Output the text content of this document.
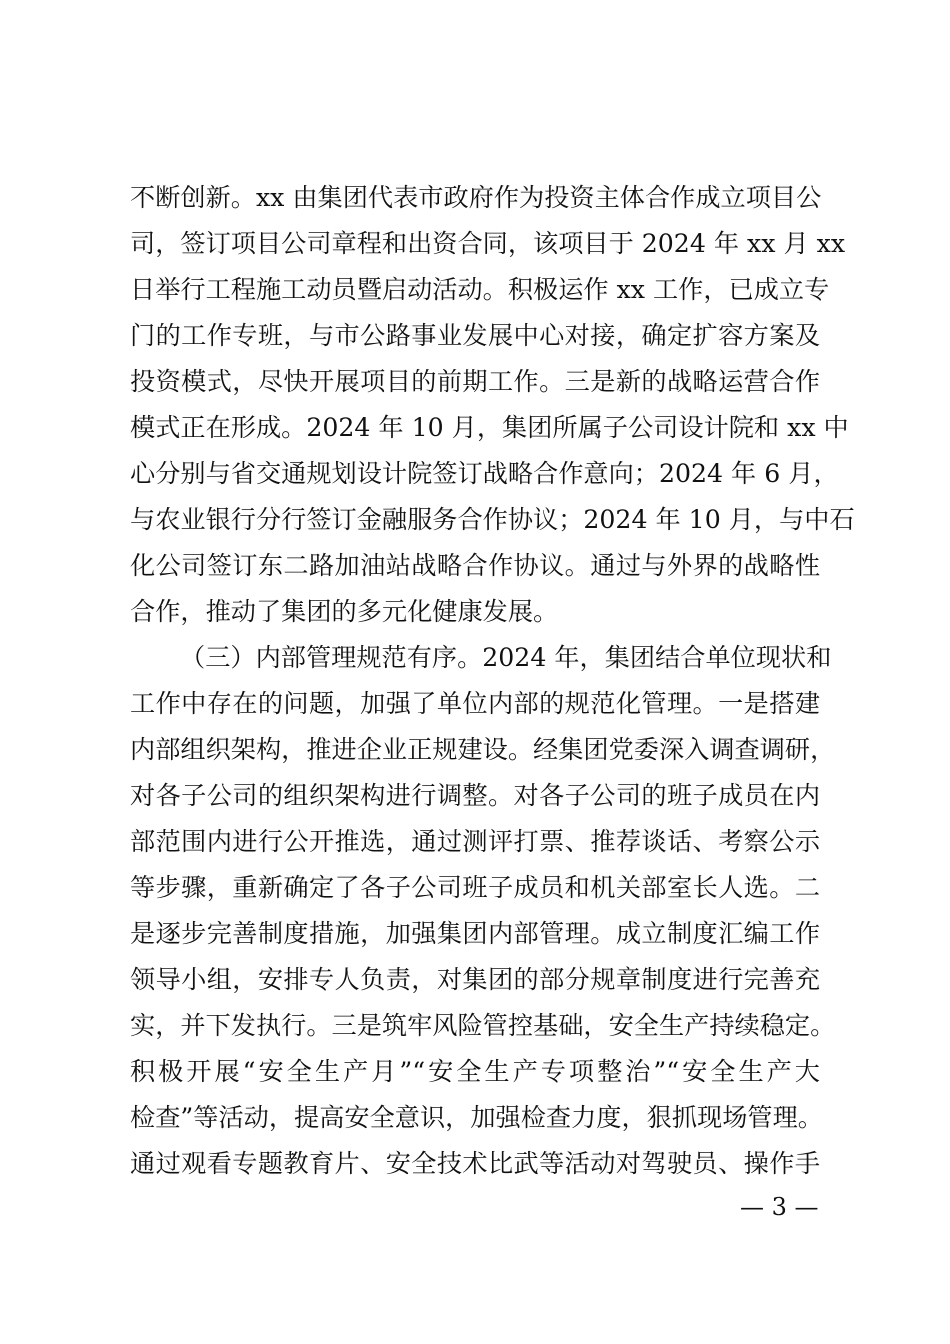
不断创新。xx 由集团代表市政府作为投资主体合作成立项目公
司，签订项目公司章程和出资合同，该项目于 2024 年 xx 月 xx
日举行工程施工动员暨启动活动。积极运作 xx 工作，已成立专
门的工作专班，与市公路事业发展中心对接，确定扩容方案及
投资模式，尽快开展项目的前期工作。三是新的战略运营合作
模式正在形成。2024 年 10 月，集团所属子公司设计院和 xx 中
心分别与省交通规划设计院签订战略合作意向；2024 年 6 月，
与农业银行分行签订金融服务合作协议；2024 年 10 月，与中石
化公司签订东二路加油站战略合作协议。通过与外界的战略性
合作，推动了集团的多元化健康发展。
（三）内部管理规范有序。2024 年，集团结合单位现状和
工作中存在的问题，加强了单位内部的规范化管理。一是搭建
内部组织架构，推进企业正规建设。经集团党委深入调查调研，
对各子公司的组织架构进行调整。对各子公司的班子成员在内
部范围内进行公开推选，通过测评打票、推荐谈话、考察公示
等步骤，重新确定了各子公司班子成员和机关部室长人选。二
是逐步完善制度措施，加强集团内部管理。成立制度汇编工作
领导小组，安排专人负责，对集团的部分规章制度进行完善充
实，并下发执行。三是筑牢风险管控基础，安全生产持续稳定。
积极开展“安全生产月”“安全生产专项整治”“安全生产大
检查”等活动，提高安全意识，加强检查力度，狠抓现场管理。
通过观看专题教育片、安全技术比武等活动对驾驶员、操作手
— 3 —
